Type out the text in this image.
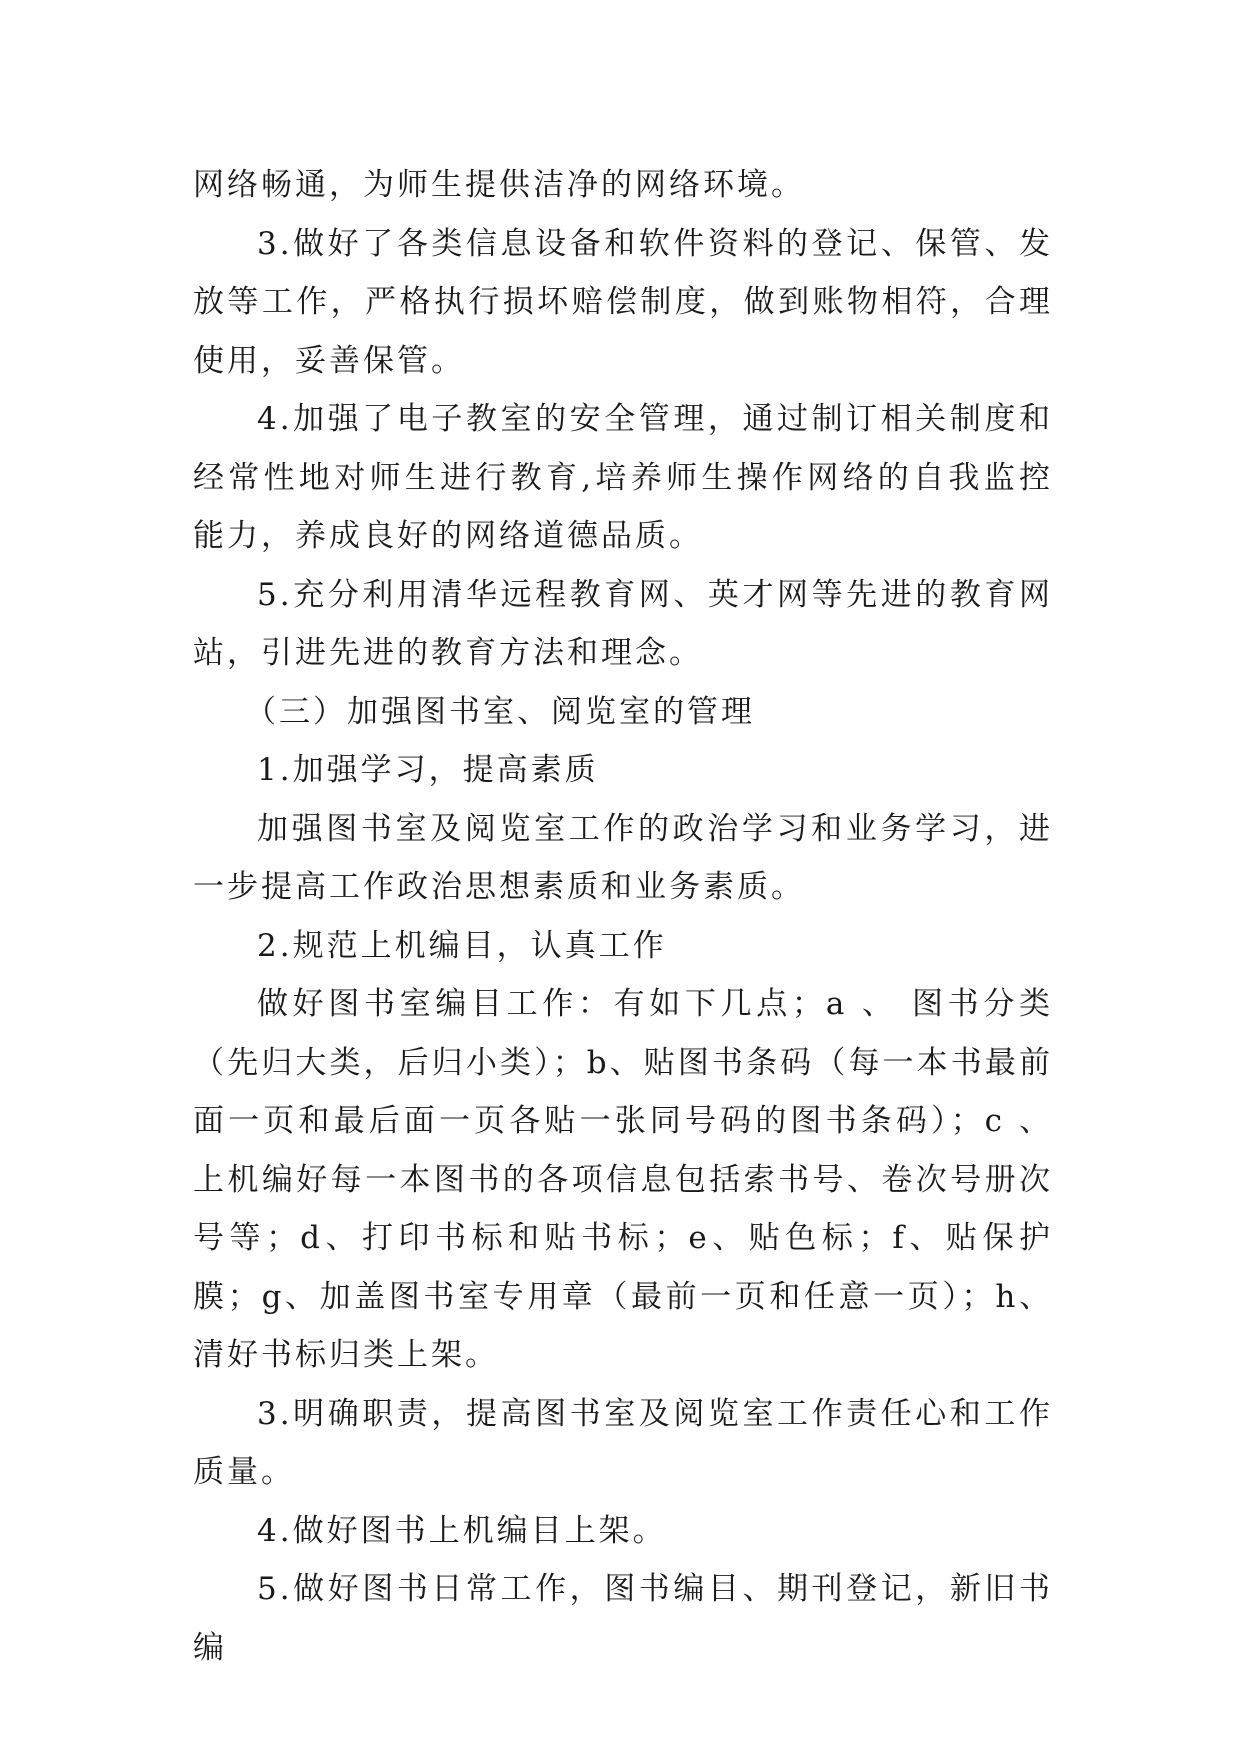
网络畅通，为师生提供洁净的网络环境。

3.做好了各类信息设备和软件资料的登记、保管、发放等工作，严格执行损坏赔偿制度，做到账物相符，合理使用，妥善保管。

4.加强了电子教室的安全管理，通过制订相关制度和经常性地对师生进行教育,培养师生操作网络的自我监控能力，养成良好的网络道德品质。

5.充分利用清华远程教育网、英才网等先进的教育网站，引进先进的教育方法和理念。

（三）加强图书室、阅览室的管理

1.加强学习，提高素质

加强图书室及阅览室工作的政治学习和业务学习，进一步提高工作政治思想素质和业务素质。

2.规范上机编目，认真工作

做好图书室编目工作：有如下几点；a 、 图书分类（先归大类，后归小类）；b、贴图书条码（每一本书最前面一页和最后面一页各贴一张同号码的图书条码）；c 、上机编好每一本图书的各项信息包括索书号、卷次号册次号等；d、打印书标和贴书标；e、贴色标；f、贴保护膜；g、加盖图书室专用章（最前一页和任意一页）；h、清好书标归类上架。

3.明确职责，提高图书室及阅览室工作责任心和工作质量。

4.做好图书上机编目上架。

5.做好图书日常工作，图书编目、期刊登记，新旧书编
